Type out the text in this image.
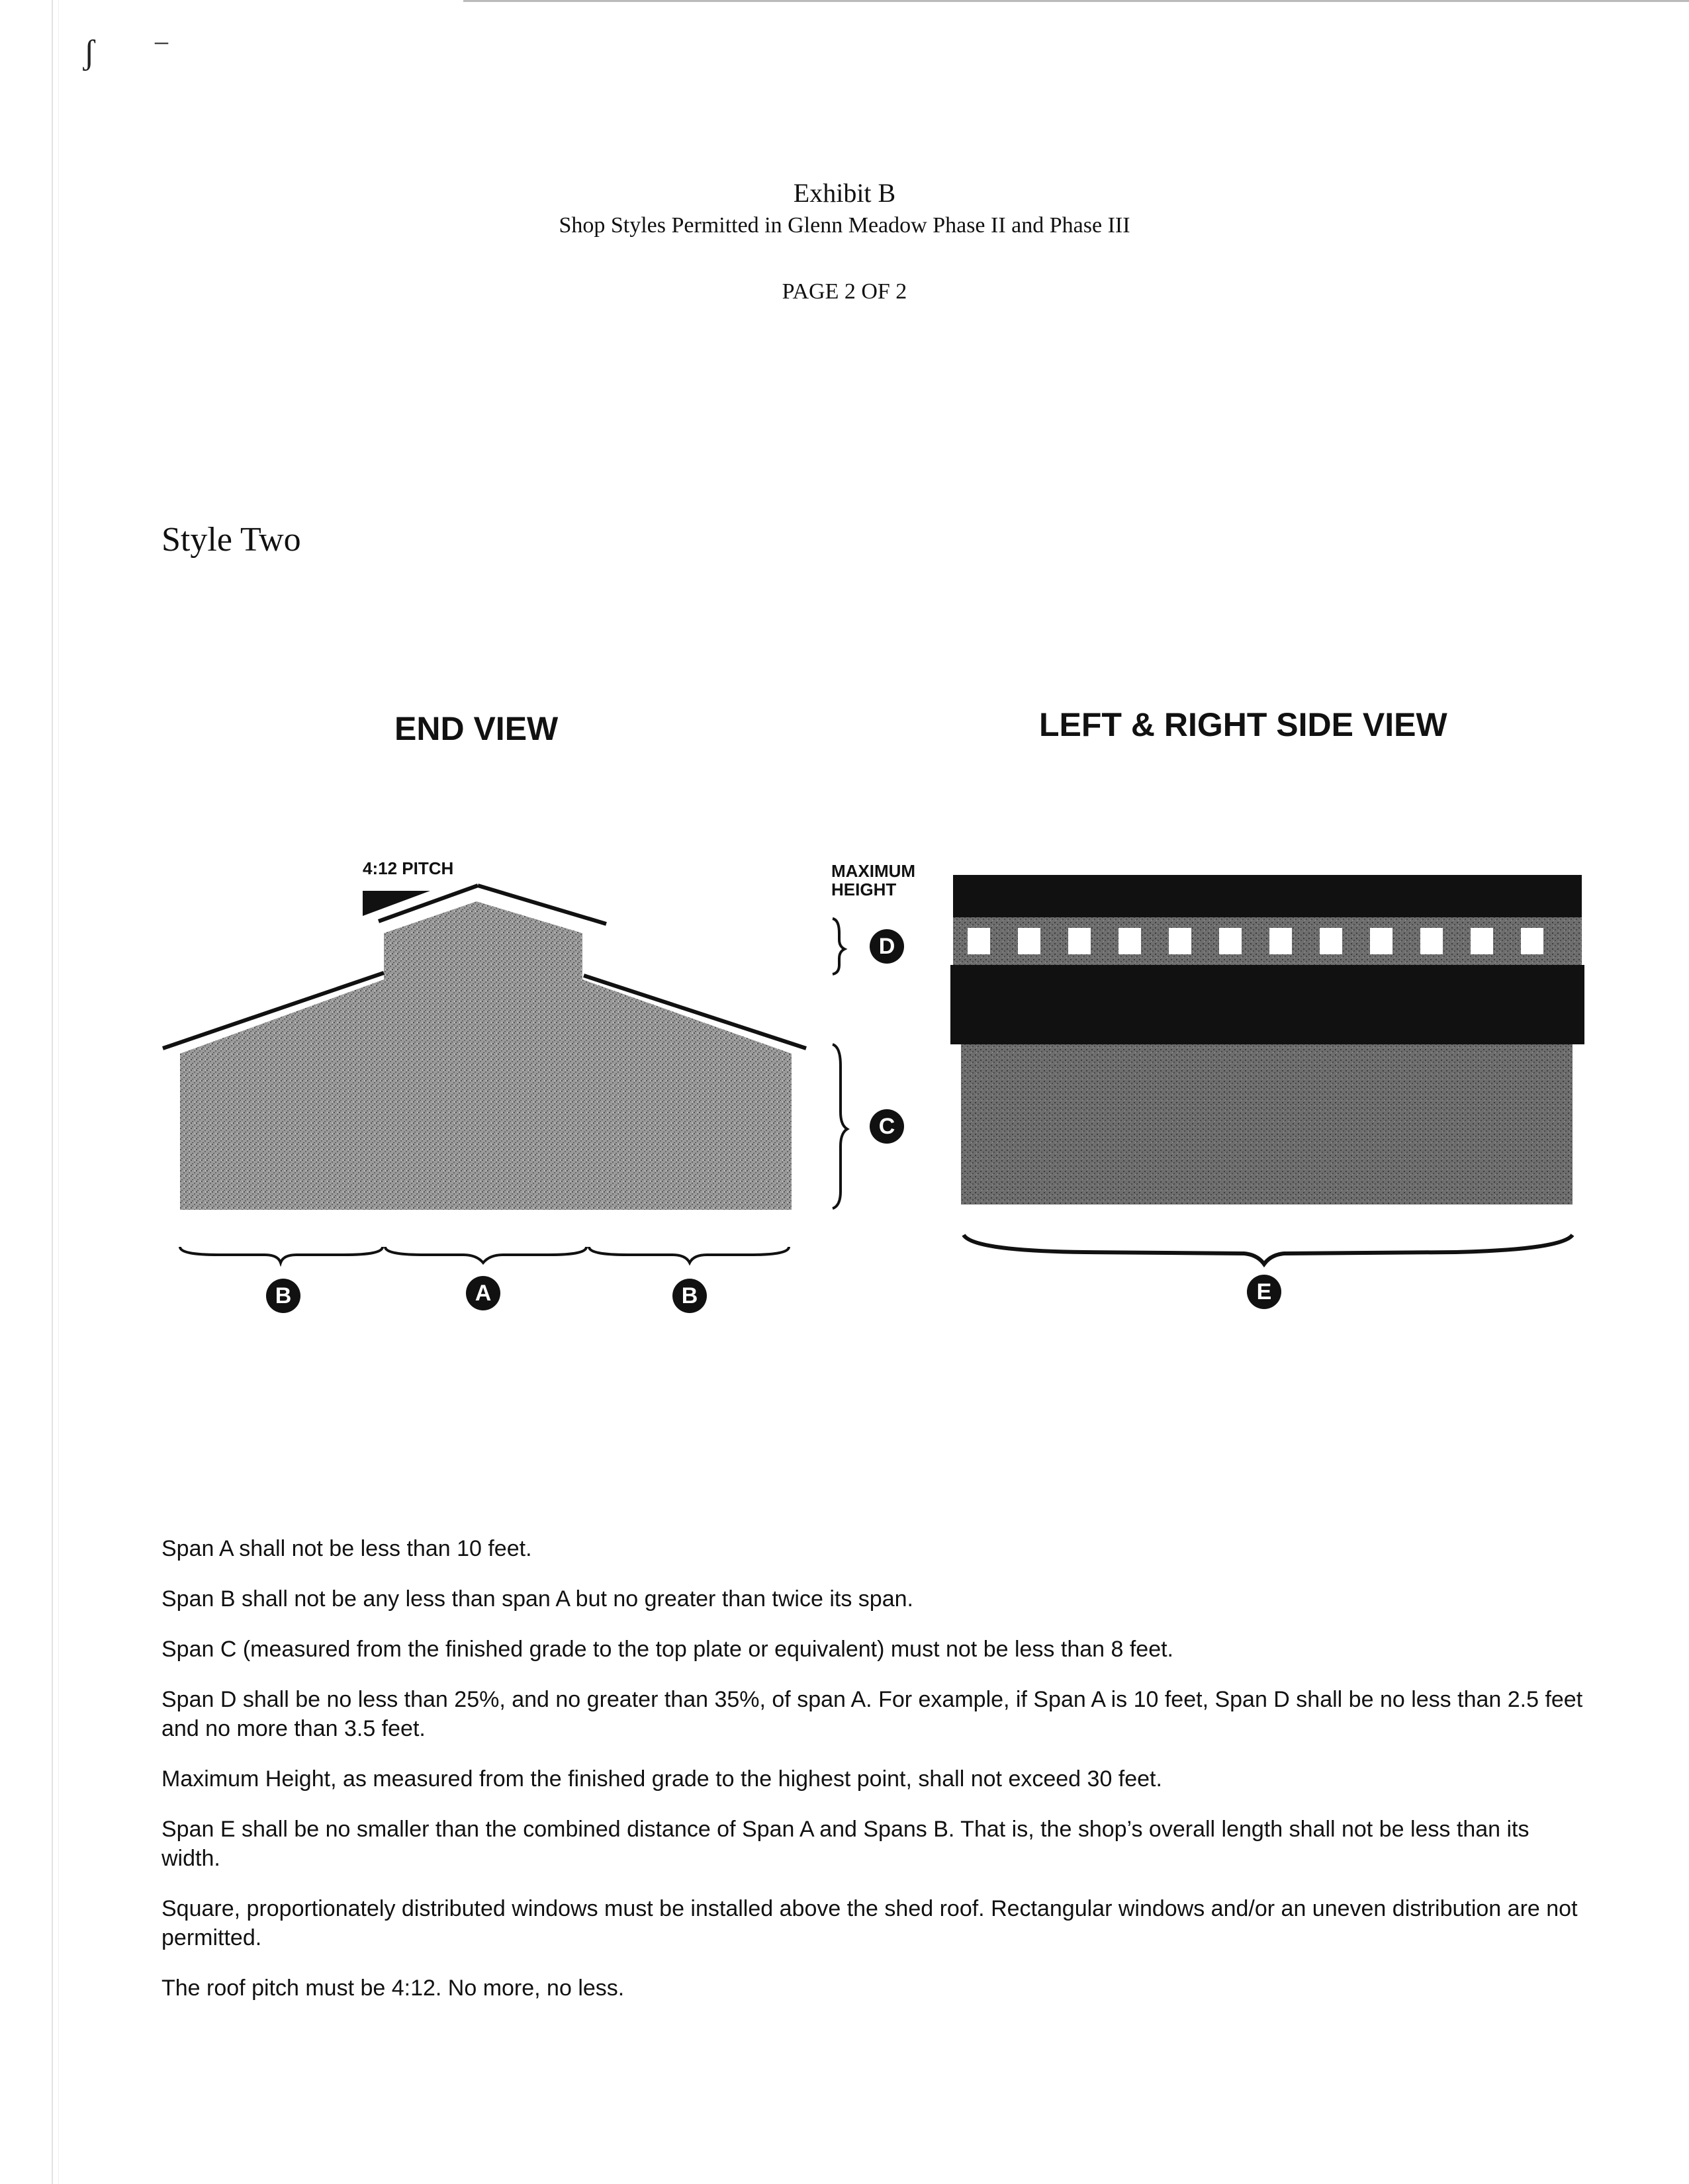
ʃ ‒
Exhibit B
Shop Styles Permitted in Glenn Meadow Phase II and Phase III
PAGE 2 OF 2
Style Two
END VIEW	LEFT & RIGHT SIDE VIEW
4:12 PITCH	MAXIMUM
HEIGHT
B	A	B
D
C
E

Span A shall not be less than 10 feet.

Span B shall not be any less than span A but no greater than twice its span.

Span C (measured from the finished grade to the top plate or equivalent) must not be less than 8 feet.

Span D shall be no less than 25%, and no greater than 35%, of span A. For example, if Span A is 10 feet, Span D shall be no less than 2.5 feet and no more than 3.5 feet.

Maximum Height, as measured from the finished grade to the highest point, shall not exceed 30 feet.

Span E shall be no smaller than the combined distance of Span A and Spans B. That is, the shop’s overall length shall not be less than its width.

Square, proportionately distributed windows must be installed above the shed roof. Rectangular windows and/or an uneven distribution are not permitted.

The roof pitch must be 4:12. No more, no less.
